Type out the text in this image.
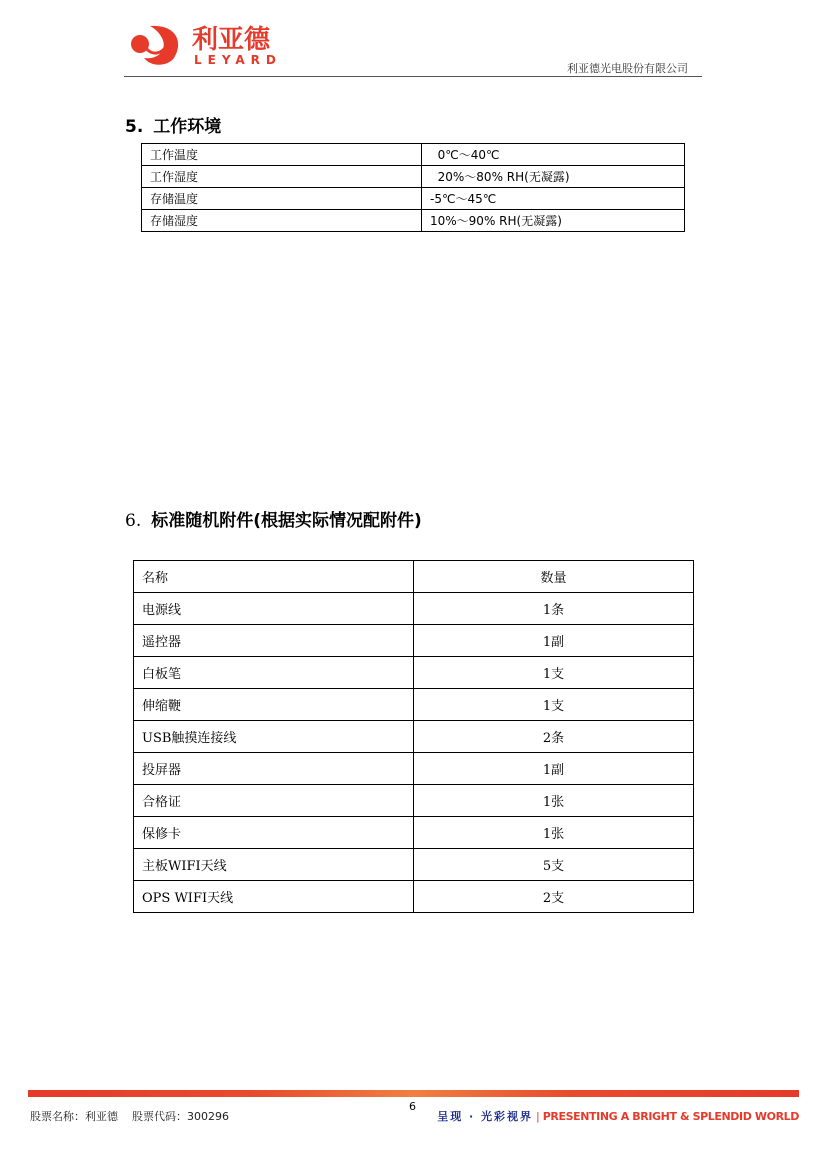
利亚德
LEYARD
利亚德光电股份有限公司
5. 工作环境
工作温度	0℃～40℃
工作湿度	20%～80% RH(无凝露)
存储温度	-5℃～45℃
存储湿度	10%～90% RH(无凝露)
6. 标准随机附件(根据实际情况配附件)
名称	数量
电源线	1条
遥控器	1副
白板笔	1支
伸缩鞭	1支
USB触摸连接线	2条
投屏器	1副
合格证	1张
保修卡	1张
主板WIFI天线	5支
OPS WIFI天线	2支
6
股票名称：利亚德    股票代码：300296	呈现 · 光彩视界 | PRESENTING A BRIGHT & SPLENDID WORLD
